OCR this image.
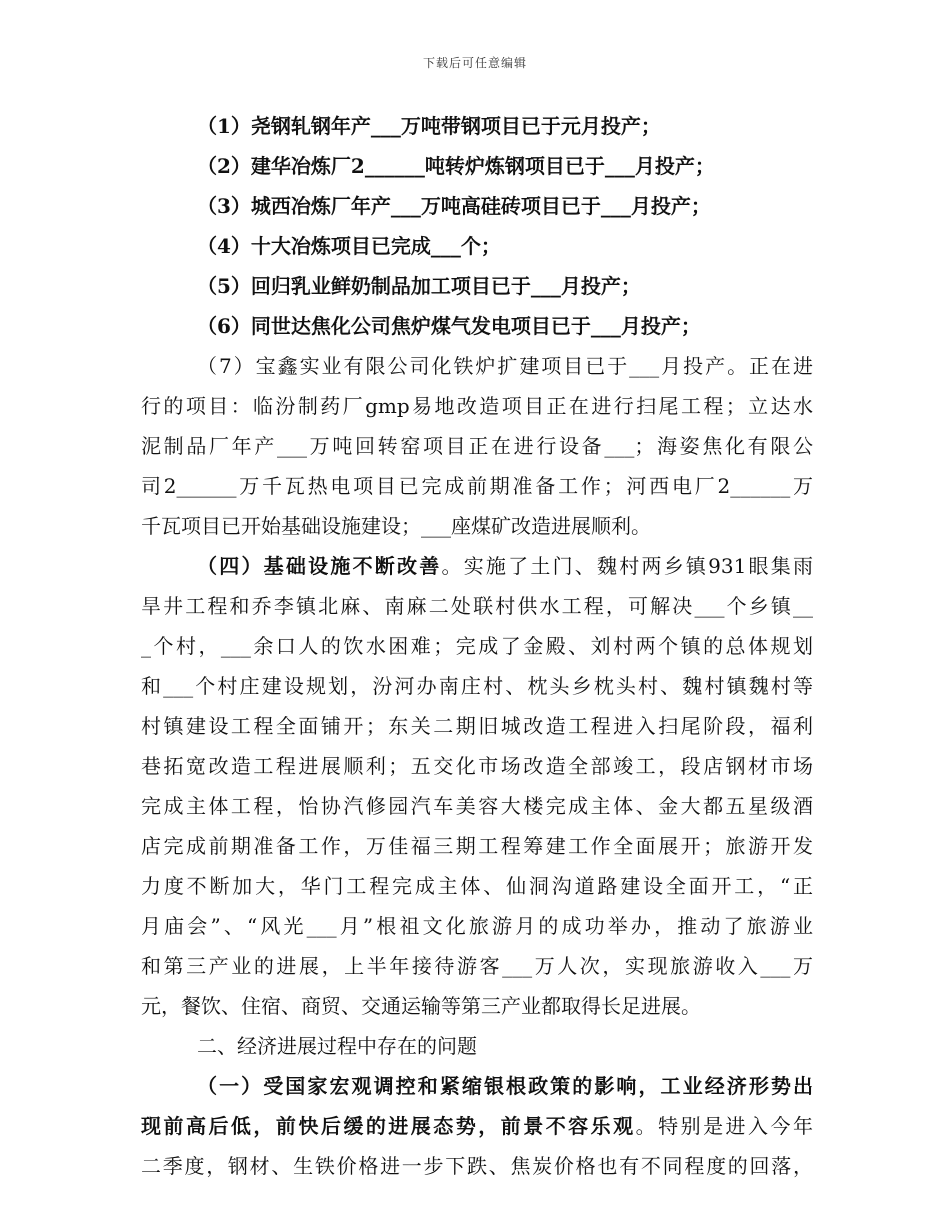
下载后可任意编辑
（1）尧钢轧钢年产___万吨带钢项目已于元月投产；
（2）建华冶炼厂2______吨转炉炼钢项目已于___月投产；
（3）城西冶炼厂年产___万吨高硅砖项目已于___月投产；
（4）十大冶炼项目已完成___个；
（5）回归乳业鲜奶制品加工项目已于___月投产；
（6）同世达焦化公司焦炉煤气发电项目已于___月投产；
（7）宝鑫实业有限公司化铁炉扩建项目已于___月投产。正在进
行的项目：临汾制药厂gmp易地改造项目正在进行扫尾工程；立达水
泥制品厂年产___万吨回转窑项目正在进行设备___；海姿焦化有限公
司2______万千瓦热电项目已完成前期准备工作；河西电厂2______万
千瓦项目已开始基础设施建设；___座煤矿改造进展顺利。
（四）基础设施不断改善。实施了土门、魏村两乡镇931眼集雨
旱井工程和乔李镇北麻、南麻二处联村供水工程，可解决___个乡镇__
_个村，___余口人的饮水困难；完成了金殿、刘村两个镇的总体规划
和___个村庄建设规划，汾河办南庄村、枕头乡枕头村、魏村镇魏村等
村镇建设工程全面铺开；东关二期旧城改造工程进入扫尾阶段，福利
巷拓宽改造工程进展顺利；五交化市场改造全部竣工，段店钢材市场
完成主体工程，怡协汽修园汽车美容大楼完成主体、金大都五星级酒
店完成前期准备工作，万佳福三期工程筹建工作全面展开；旅游开发
力度不断加大，华门工程完成主体、仙洞沟道路建设全面开工，“正
月庙会”、“风光___月”根祖文化旅游月的成功举办，推动了旅游业
和第三产业的进展，上半年接待游客___万人次，实现旅游收入___万
元，餐饮、住宿、商贸、交通运输等第三产业都取得长足进展。
二、经济进展过程中存在的问题
（一）受国家宏观调控和紧缩银根政策的影响，工业经济形势出
现前高后低，前快后缓的进展态势，前景不容乐观。特别是进入今年
二季度，钢材、生铁价格进一步下跌、焦炭价格也有不同程度的回落，
